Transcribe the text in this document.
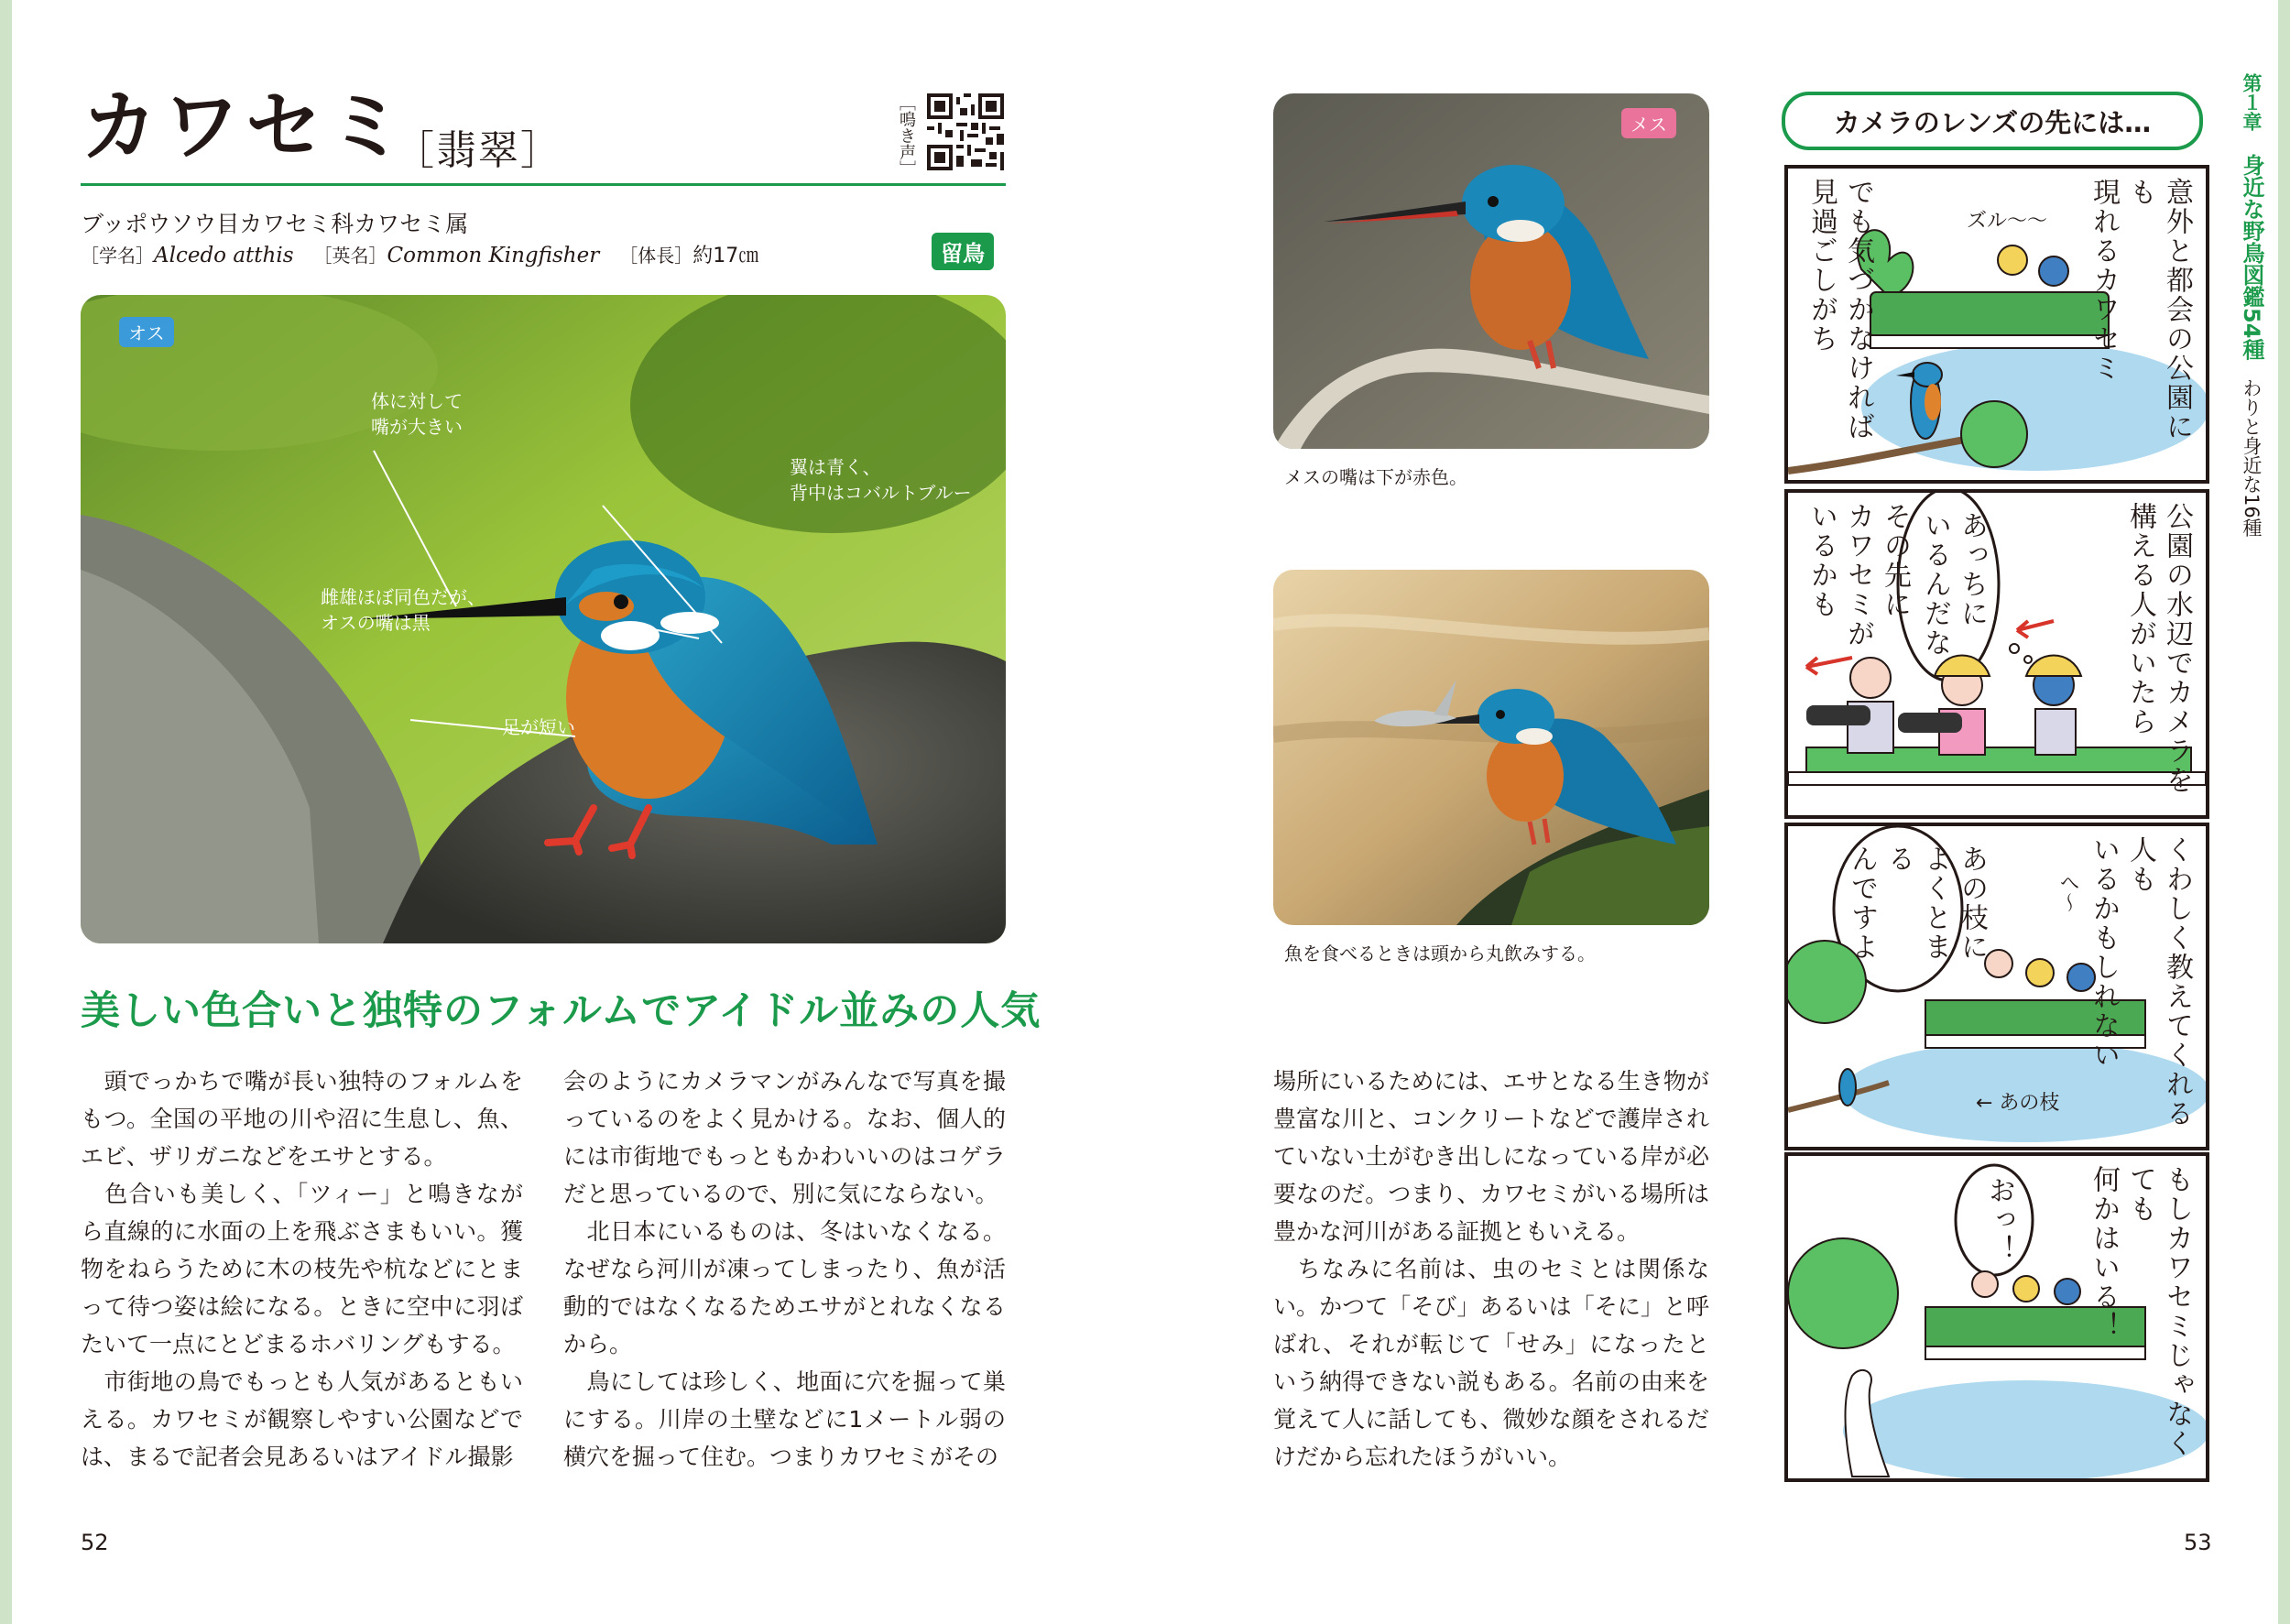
カワセミ
［翡翠］	［鳴き声］
ブッポウソウ目カワセミ科カワセミ属
［学名］Alcedo atthis ［英名］Common Kingfisher ［体長］約17㎝	留鳥
オス
体に対して
嘴が大きい
翼は青く、
背中はコバルトブルー
雌雄ほぼ同色だが、
オスの嘴は黒
足が短い
美しい色合いと独特のフォルムでアイドル並みの人気

　頭でっかちで嘴が長い独特のフォルムをもつ。全国の平地の川や沼に生息し、魚、エビ、ザリガニなどをエサとする。

　色合いも美しく、「ツィー」と鳴きながら直線的に水面の上を飛ぶさまもいい。獲物をねらうために木の枝先や杭などにとまって待つ姿は絵になる。ときに空中に羽ばたいて一点にとどまるホバリングもする。

　市街地の鳥でもっとも人気があるともいえる。カワセミが観察しやすい公園などでは、まるで記者会見あるいはアイドル撮影

会のようにカメラマンがみんなで写真を撮っているのをよく見かける。なお、個人的には市街地でもっともかわいいのはコゲラだと思っているので、別に気にならない。

　北日本にいるものは、冬はいなくなる。なぜなら河川が凍ってしまったり、魚が活動的ではなくなるためエサがとれなくなるから。

　鳥にしては珍しく、地面に穴を掘って巣にする。川岸の土壁などに1メートル弱の横穴を掘って住む。つまりカワセミがその

52
メス
メスの嘴は下が赤色。
魚を食べるときは頭から丸飲みする。

場所にいるためには、エサとなる生き物が豊富な川と、コンクリートなどで護岸されていない土がむき出しになっている岸が必要なのだ。つまり、カワセミがいる場所は豊かな河川がある証拠ともいえる。

　ちなみに名前は、虫のセミとは関係ない。かつて「そび」あるいは「そに」と呼ばれ、それが転じて「せみ」になったという納得できない説もある。名前の由来を覚えて人に話しても、微妙な顔をされるだけだから忘れたほうがいい。

53
カメラのレンズの先には…
意外と都会の公園にも
現れるカワセミ
でも気づかなければ
見過ごしがち	ズル〜〜
公園の水辺でカメラを
構える人がいたら
その先に
カワセミが
いるかも	あっちに
いるんだな
くわしく教えてくれる人も
いるかもしれない
あの枝に
よくとまる
んですよ	へ〜
← あの枝
もしカワセミじゃなくても
何かはいる！
おっ！
第１章 身近な野鳥図鑑54種 わりと身近な16種
